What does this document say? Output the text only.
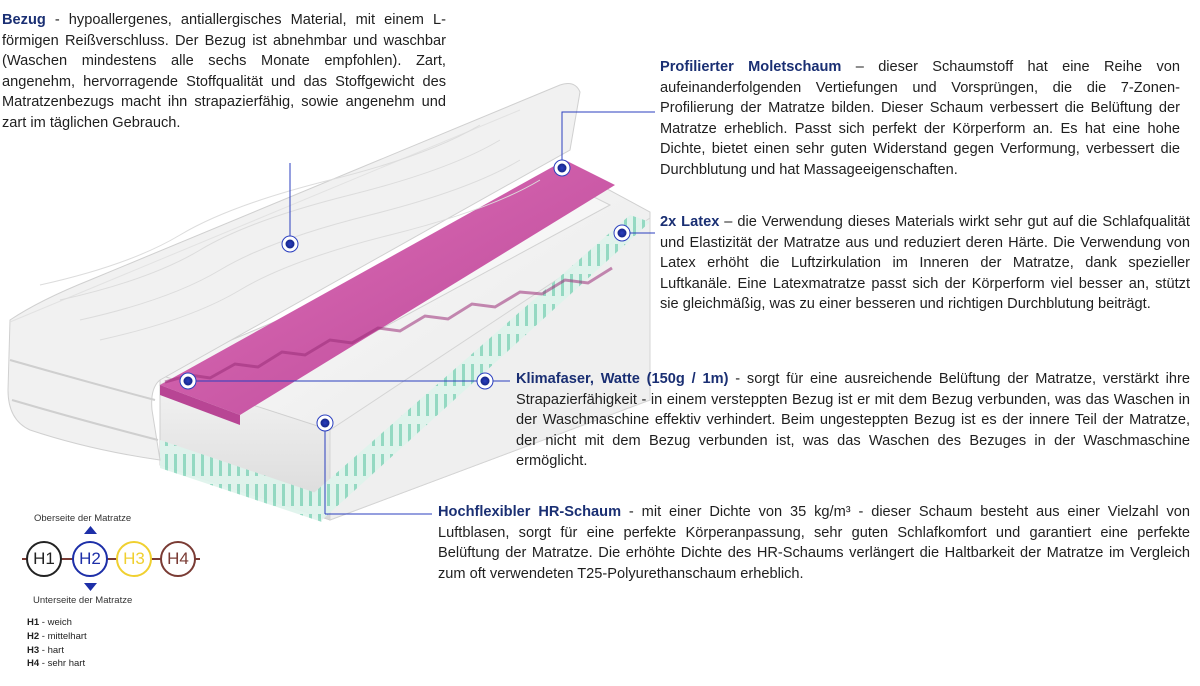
Bezug - hypoallergenes, antiallergisches Material, mit einem L-förmigen Reißverschluss. Der Bezug ist abnehmbar und waschbar (Waschen mindestens alle sechs Monate empfohlen). Zart, angenehm, hervorragende Stoffqualität und das Stoffgewicht des Matratzenbezugs macht ihn strapazierfähig, sowie angenehm und zart im täglichen Gebrauch.
Profilierter Moletschaum – dieser Schaumstoff hat eine Reihe von aufeinanderfolgenden Vertiefungen und Vorsprüngen, die die 7-Zonen-Profilierung der Matratze bilden. Dieser Schaum verbessert die Belüftung der Matratze erheblich. Passt sich perfekt der Körperform an. Es hat eine hohe Dichte, bietet einen sehr guten Widerstand gegen Verformung, verbessert die Durchblutung und hat Massageeigenschaften.
2x Latex – die Verwendung dieses Materials wirkt sehr gut auf die Schlafqualität und Elastizität der Matratze aus und reduziert deren Härte. Die Verwendung von Latex erhöht die Luftzirkulation im Inneren der Matratze, dank spezieller Luftkanäle. Eine Latexmatratze passt sich der Körperform viel besser an, stützt sie gleichmäßig, was zu einer besseren und richtigen Durchblutung beiträgt.
Klimafaser, Watte (150g / 1m) - sorgt für eine ausreichende Belüftung der Matratze, verstärkt ihre Strapazierfähigkeit - in einem versteppten Bezug ist er mit dem Bezug verbunden, was das Waschen in der Waschmaschine effektiv verhindert. Beim ungesteppten Bezug ist es der innere Teil der Matratze, der nicht mit dem Bezug verbunden ist, was das Waschen des Bezuges in der Waschmaschine ermöglicht.
Hochflexibler HR-Schaum - mit einer Dichte von 35 kg/m³ - dieser Schaum besteht aus einer Vielzahl von Luftblasen, sorgt für eine perfekte Körperanpassung, sehr guten Schlafkomfort und garantiert eine perfekte Belüftung der Matratze. Die erhöhte Dichte des HR-Schaums verlängert die Haltbarkeit der Matratze im Vergleich zum oft verwendeten T25-Polyurethanschaum erheblich.
Oberseite der Matratze
H1	H2	H3	H4
Unterseite der Matratze
H1 - weich
H2 - mittelhart
H3 - hart
H4 - sehr hart
